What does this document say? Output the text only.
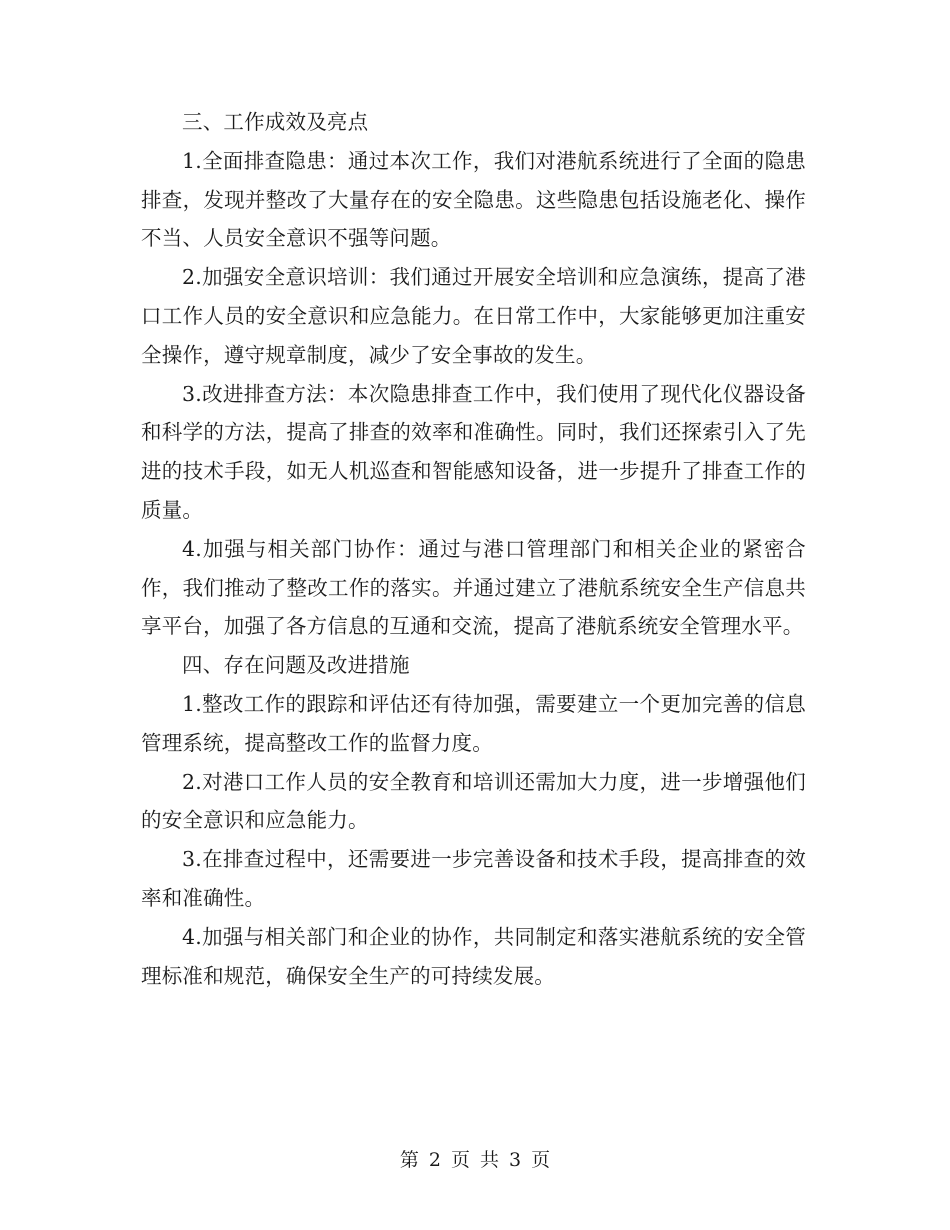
三、工作成效及亮点

1.全面排查隐患：通过本次工作，我们对港航系统进行了全面的隐患排查，发现并整改了大量存在的安全隐患。这些隐患包括设施老化、操作不当、人员安全意识不强等问题。

2.加强安全意识培训：我们通过开展安全培训和应急演练，提高了港口工作人员的安全意识和应急能力。在日常工作中，大家能够更加注重安全操作，遵守规章制度，减少了安全事故的发生。

3.改进排查方法：本次隐患排查工作中，我们使用了现代化仪器设备和科学的方法，提高了排查的效率和准确性。同时，我们还探索引入了先进的技术手段，如无人机巡查和智能感知设备，进一步提升了排查工作的质量。

4.加强与相关部门协作：通过与港口管理部门和相关企业的紧密合作，我们推动了整改工作的落实。并通过建立了港航系统安全生产信息共享平台，加强了各方信息的互通和交流，提高了港航系统安全管理水平。

四、存在问题及改进措施

1.整改工作的跟踪和评估还有待加强，需要建立一个更加完善的信息管理系统，提高整改工作的监督力度。

2.对港口工作人员的安全教育和培训还需加大力度，进一步增强他们的安全意识和应急能力。

3.在排查过程中，还需要进一步完善设备和技术手段，提高排查的效率和准确性。

4.加强与相关部门和企业的协作，共同制定和落实港航系统的安全管理标准和规范，确保安全生产的可持续发展。

第 2 页 共 3 页
